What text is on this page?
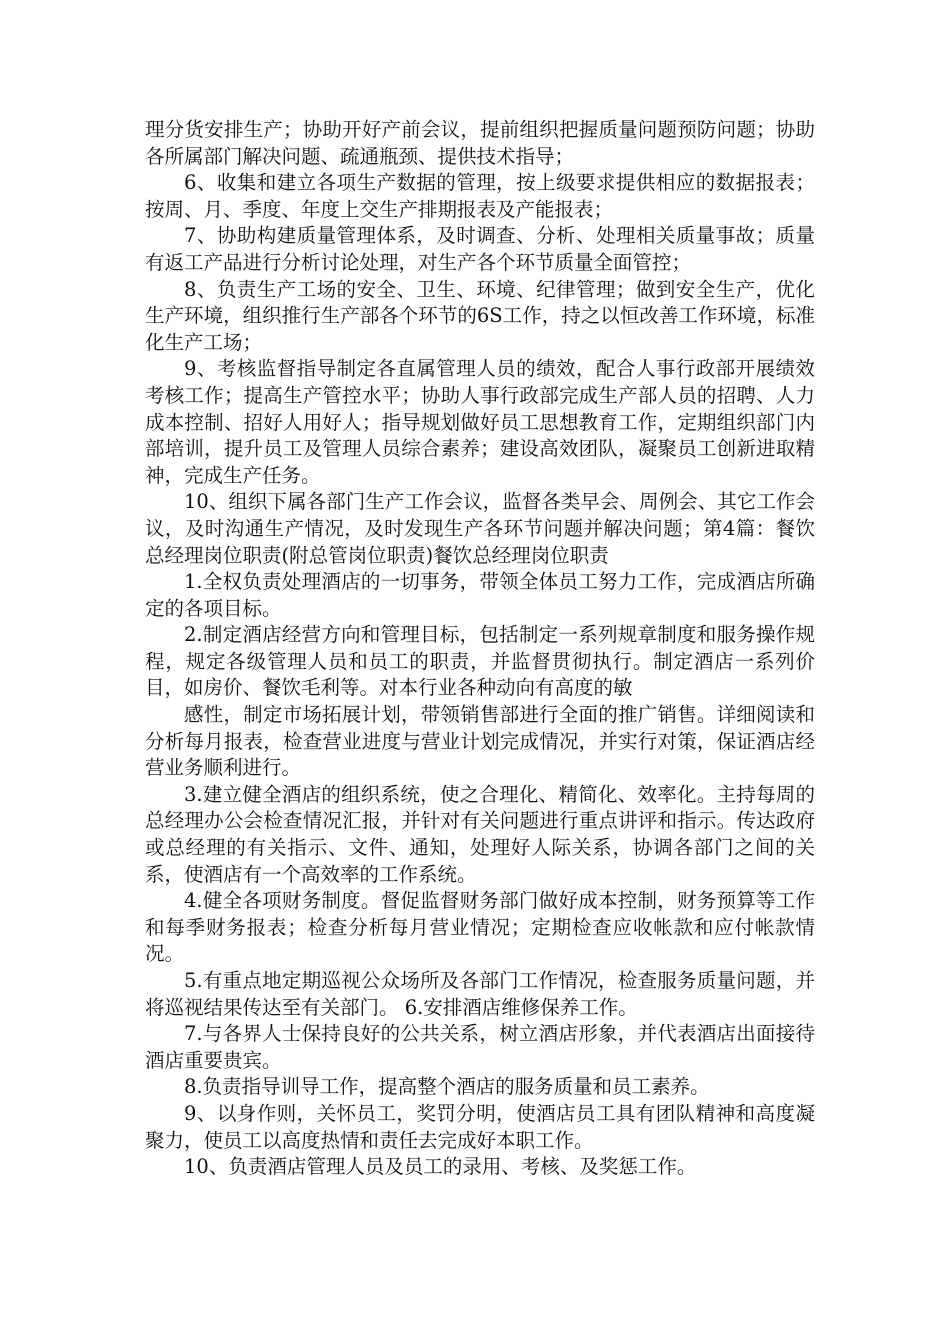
理分货安排生产；协助开好产前会议，提前组织把握质量问题预防问题；协助各所属部门解决问题、疏通瓶颈、提供技术指导；

6、收集和建立各项生产数据的管理，按上级要求提供相应的数据报表；按周、月、季度、年度上交生产排期报表及产能报表；

7、协助构建质量管理体系，及时调查、分析、处理相关质量事故；质量有返工产品进行分析讨论处理，对生产各个环节质量全面管控；

8、负责生产工场的安全、卫生、环境、纪律管理；做到安全生产，优化生产环境，组织推行生产部各个环节的6S工作，持之以恒改善工作环境，标准化生产工场；

9、考核监督指导制定各直属管理人员的绩效，配合人事行政部开展绩效考核工作；提高生产管控水平；协助人事行政部完成生产部人员的招聘、人力成本控制、招好人用好人；指导规划做好员工思想教育工作，定期组织部门内部培训，提升员工及管理人员综合素养；建设高效团队，凝聚员工创新进取精神，完成生产任务。

10、组织下属各部门生产工作会议，监督各类早会、周例会、其它工作会议，及时沟通生产情况，及时发现生产各环节问题并解决问题；第4篇：餐饮总经理岗位职责(附总管岗位职责)餐饮总经理岗位职责

1.全权负责处理酒店的一切事务，带领全体员工努力工作，完成酒店所确定的各项目标。

2.制定酒店经营方向和管理目标，包括制定一系列规章制度和服务操作规程，规定各级管理人员和员工的职责，并监督贯彻执行。制定酒店一系列价目，如房价、餐饮毛利等。对本行业各种动向有高度的敏

感性，制定市场拓展计划，带领销售部进行全面的推广销售。详细阅读和分析每月报表，检查营业进度与营业计划完成情况，并实行对策，保证酒店经营业务顺利进行。

3.建立健全酒店的组织系统，使之合理化、精简化、效率化。主持每周的总经理办公会检查情况汇报，并针对有关问题进行重点讲评和指示。传达政府或总经理的有关指示、文件、通知，处理好人际关系，协调各部门之间的关系，使酒店有一个高效率的工作系统。

4.健全各项财务制度。督促监督财务部门做好成本控制，财务预算等工作和每季财务报表；检查分析每月营业情况；定期检查应收帐款和应付帐款情况。

5.有重点地定期巡视公众场所及各部门工作情况，检查服务质量问题，并将巡视结果传达至有关部门。 6.安排酒店维修保养工作。

7.与各界人士保持良好的公共关系，树立酒店形象，并代表酒店出面接待酒店重要贵宾。

8.负责指导训导工作，提高整个酒店的服务质量和员工素养。

9、以身作则，关怀员工，奖罚分明，使酒店员工具有团队精神和高度凝聚力，使员工以高度热情和责任去完成好本职工作。

10、负责酒店管理人员及员工的录用、考核、及奖惩工作。
